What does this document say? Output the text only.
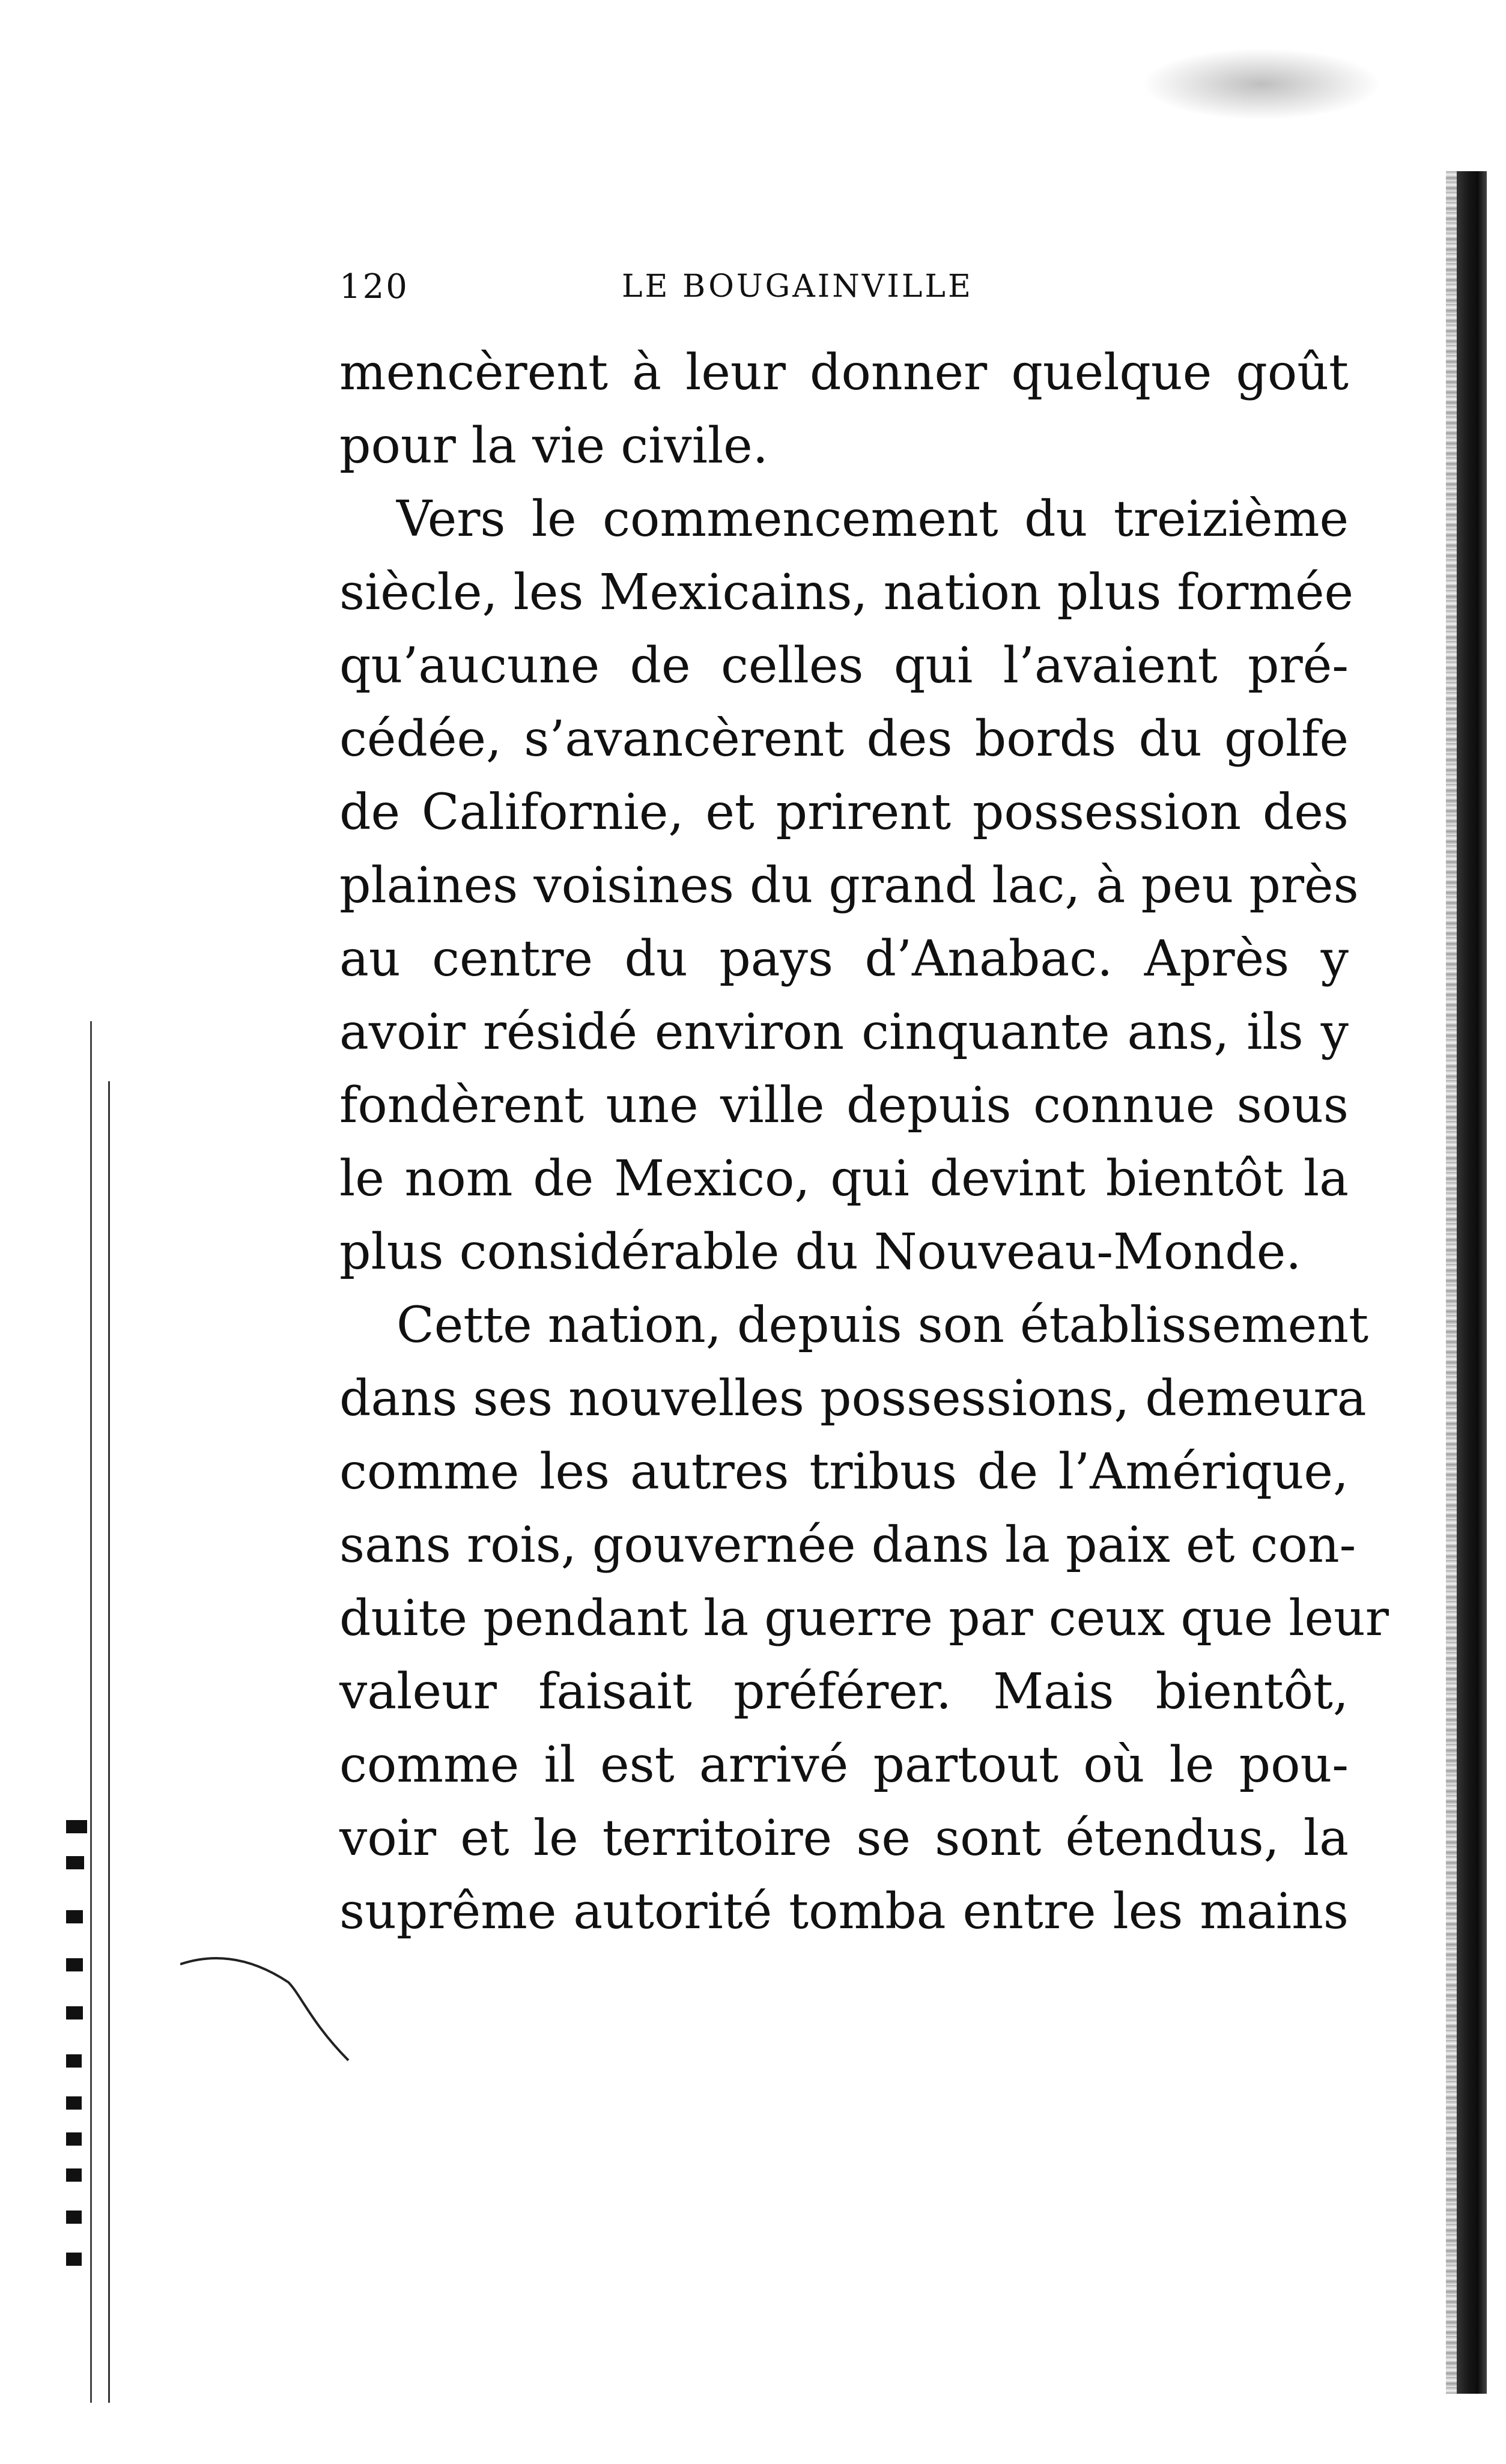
120	LE BOUGAINVILLE
mencèrent à leur donner quelque goût
pour la vie civile.
Vers le commencement du treizième
siècle, les Mexicains, nation plus formée
qu’aucune de celles qui l’avaient pré-
cédée, s’avancèrent des bords du golfe
de Californie, et prirent possession des
plaines voisines du grand lac, à peu près
au centre du pays d’Anabac. Après y
avoir résidé environ cinquante ans, ils y
fondèrent une ville depuis connue sous
le nom de Mexico, qui devint bientôt la
plus considérable du Nouveau-Monde.
Cette nation, depuis son établissement
dans ses nouvelles possessions, demeura
comme les autres tribus de l’Amérique,
sans rois, gouvernée dans la paix et con-
duite pendant la guerre par ceux que leur
valeur faisait préférer. Mais bientôt,
comme il est arrivé partout où le pou-
voir et le territoire se sont étendus, la
suprême autorité tomba entre les mains
